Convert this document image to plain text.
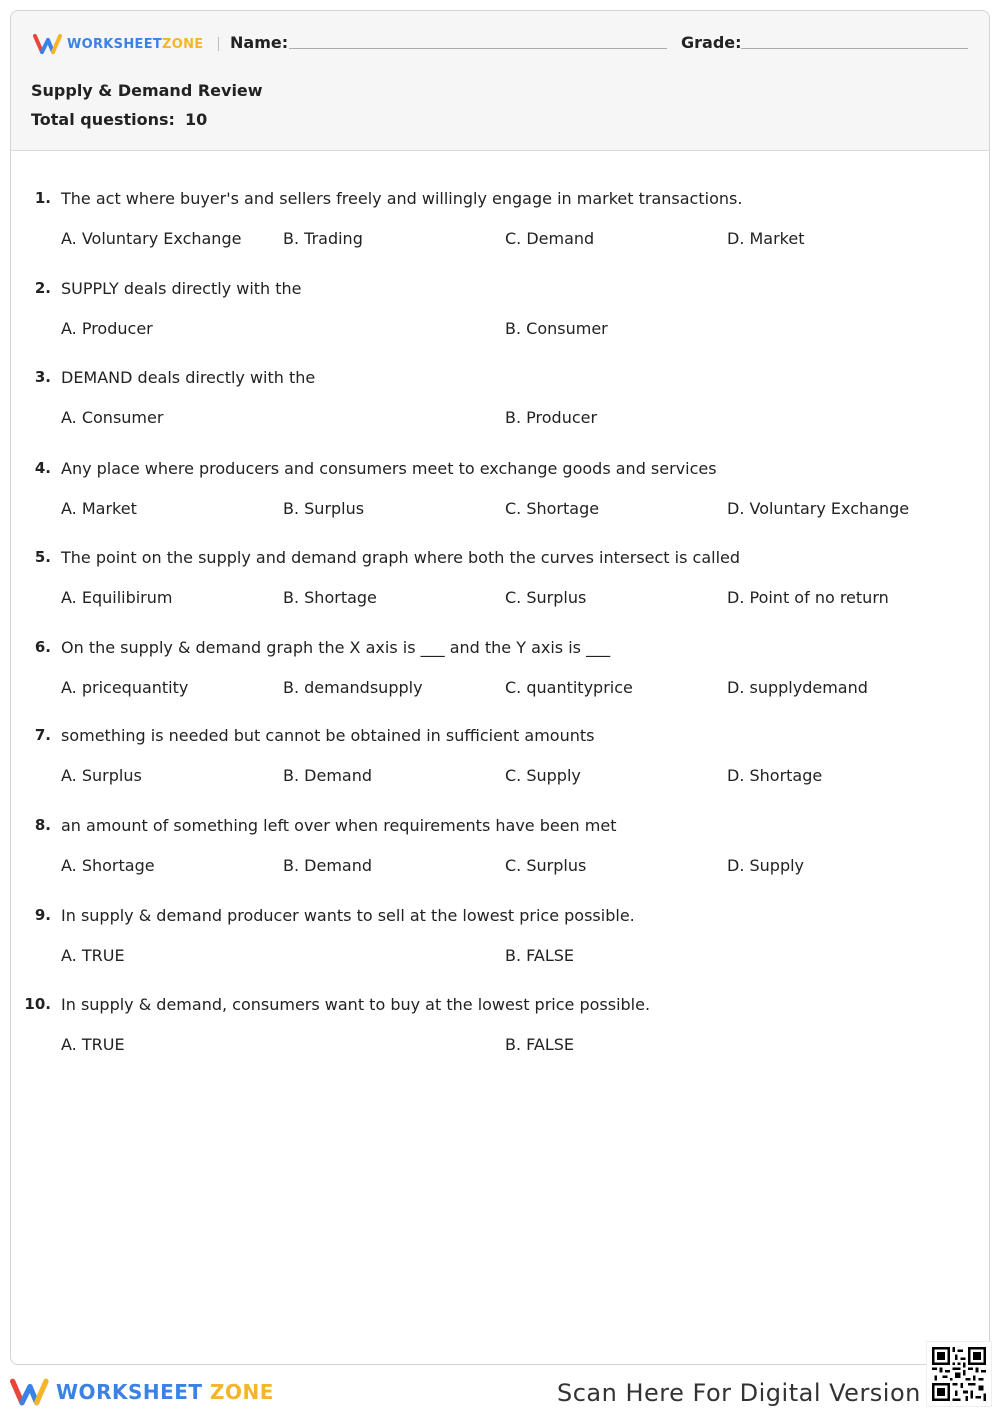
WORKSHEETZONE Name:	Grade:
Supply & Demand Review
Total questions: 10
1. The act where buyer's and sellers freely and willingly engage in market transactions.
A. Voluntary Exchange	B. Trading	C. Demand	D. Market
2. SUPPLY deals directly with the
A. Producer	B. Consumer
3. DEMAND deals directly with the
A. Consumer	B. Producer
4. Any place where producers and consumers meet to exchange goods and services
A. Market	B. Surplus	C. Shortage	D. Voluntary Exchange
5. The point on the supply and demand graph where both the curves intersect is called
A. Equilibirum	B. Shortage	C. Surplus	D. Point of no return
6. On the supply & demand graph the X axis is ___ and the Y axis is ___
A. pricequantity	B. demandsupply	C. quantityprice	D. supplydemand
7. something is needed but cannot be obtained in sufficient amounts
A. Surplus	B. Demand	C. Supply	D. Shortage
8. an amount of something left over when requirements have been met
A. Shortage	B. Demand	C. Surplus	D. Supply
9. In supply & demand producer wants to sell at the lowest price possible.
A. TRUE	B. FALSE
10. In supply & demand, consumers want to buy at the lowest price possible.
A. TRUE	B. FALSE
WORKSHEET ZONE	Scan Here For Digital Version
